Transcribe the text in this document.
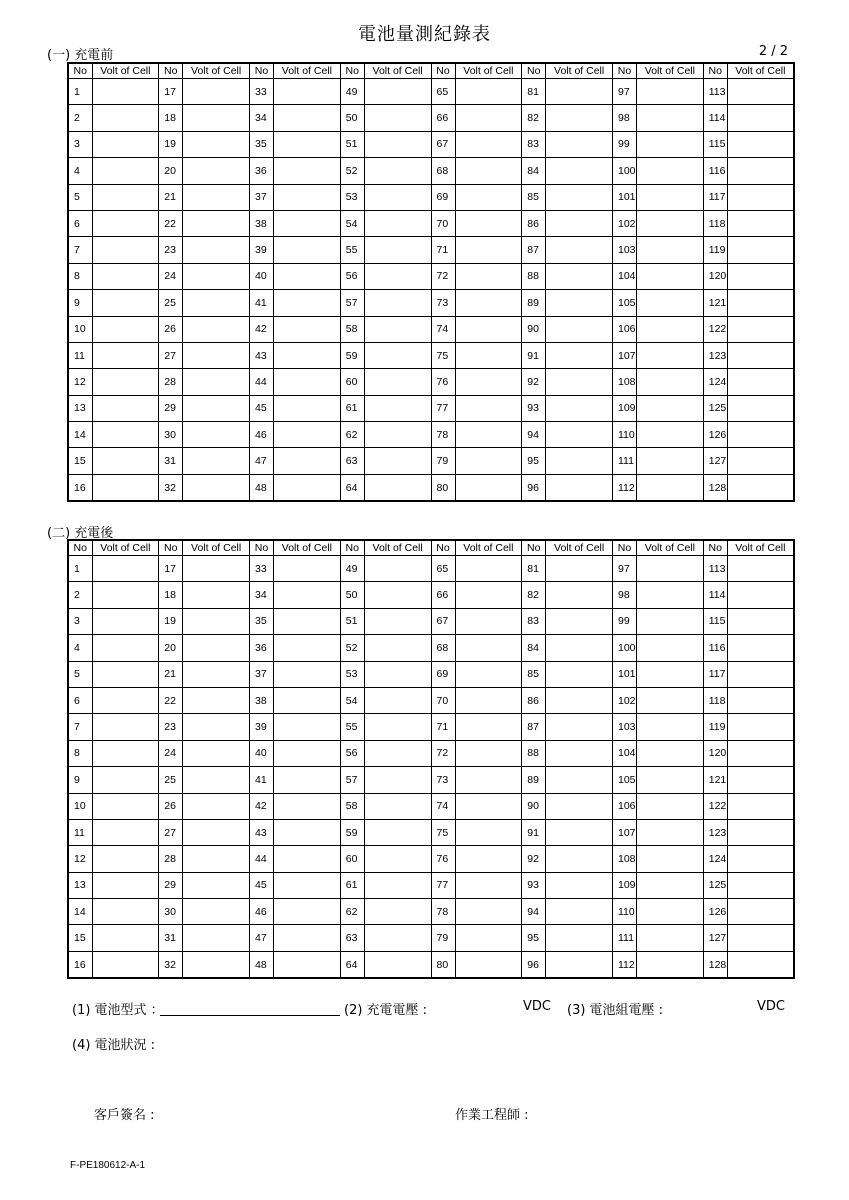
電池量測紀錄表
(一) 充電前	2 / 2
No	Volt of Cell	No	Volt of Cell	No	Volt of Cell	No	Volt of Cell	No	Volt of Cell	No	Volt of Cell	No	Volt of Cell	No	Volt of Cell
1		17		33		49		65		81		97		113	
2		18		34		50		66		82		98		114	
3		19		35		51		67		83		99		115	
4		20		36		52		68		84		100		116	
5		21		37		53		69		85		101		117	
6		22		38		54		70		86		102		118	
7		23		39		55		71		87		103		119	
8		24		40		56		72		88		104		120	
9		25		41		57		73		89		105		121	
10		26		42		58		74		90		106		122	
11		27		43		59		75		91		107		123	
12		28		44		60		76		92		108		124	
13		29		45		61		77		93		109		125	
14		30		46		62		78		94		110		126	
15		31		47		63		79		95		111		127	
16		32		48		64		80		96		112		128	
(二) 充電後
No	Volt of Cell	No	Volt of Cell	No	Volt of Cell	No	Volt of Cell	No	Volt of Cell	No	Volt of Cell	No	Volt of Cell	No	Volt of Cell
1		17		33		49		65		81		97		113	
2		18		34		50		66		82		98		114	
3		19		35		51		67		83		99		115	
4		20		36		52		68		84		100		116	
5		21		37		53		69		85		101		117	
6		22		38		54		70		86		102		118	
7		23		39		55		71		87		103		119	
8		24		40		56		72		88		104		120	
9		25		41		57		73		89		105		121	
10		26		42		58		74		90		106		122	
11		27		43		59		75		91		107		123	
12		28		44		60		76		92		108		124	
13		29		45		61		77		93		109		125	
14		30		46		62		78		94		110		126	
15		31		47		63		79		95		111		127	
16		32		48		64		80		96		112		128	
(1) 電池型式 ：	(2) 充電電壓 :	VDC (3) 電池組電壓 :	VDC
(4) 電池狀況 :
客戶簽名 :	作業工程師 :
F-PE180612-A-1
